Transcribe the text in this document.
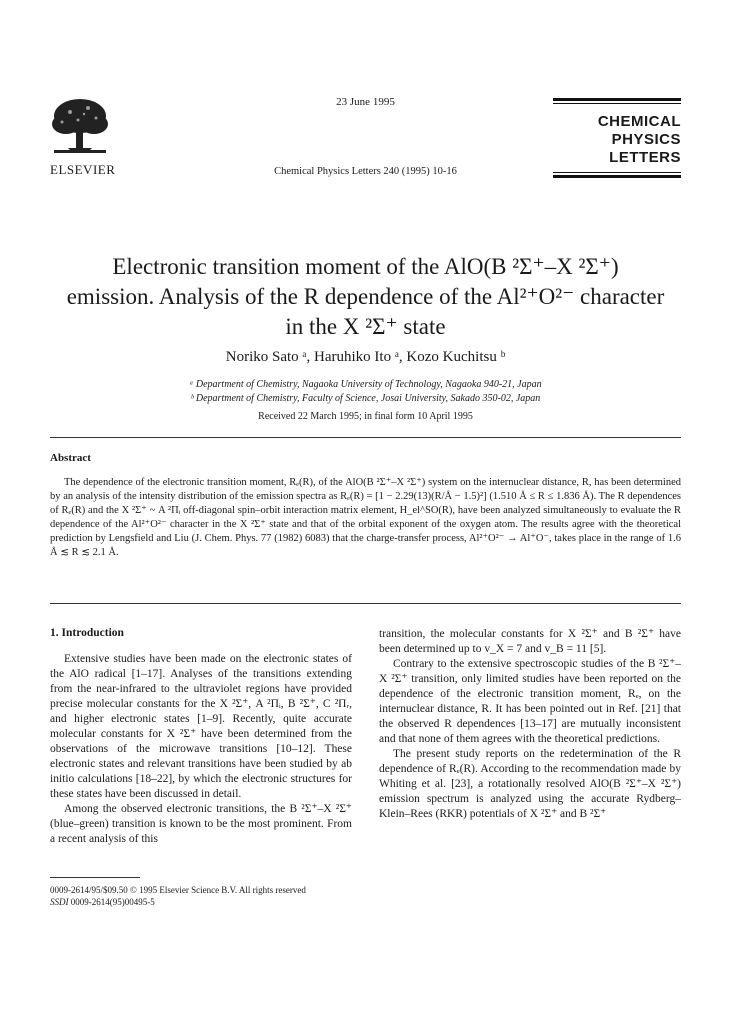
ELSEVIER
23 June 1995
Chemical Physics Letters 240 (1995) 10-16
CHEMICAL
PHYSICS
LETTERS
Electronic transition moment of the AlO(B ²Σ⁺–X ²Σ⁺)
emission. Analysis of the R dependence of the Al²⁺O²⁻ character
in the X ²Σ⁺ state
Noriko Sato ᵃ, Haruhiko Ito ᵃ, Kozo Kuchitsu ᵇ
ᵃ Department of Chemistry, Nagaoka University of Technology, Nagaoka 940-21, Japan
ᵇ Department of Chemistry, Faculty of Science, Josai University, Sakado 350-02, Japan
Received 22 March 1995; in final form 10 April 1995
Abstract
The dependence of the electronic transition moment, Rₑ(R), of the AlO(B ²Σ⁺–X ²Σ⁺) system on the internuclear distance, R, has been determined by an analysis of the intensity distribution of the emission spectra as Rₑ(R) = [1 − 2.29(13)(R/Å − 1.5)²] (1.510 Å ≤ R ≤ 1.836 Å). The R dependences of Rₑ(R) and the X ²Σ⁺ ~ A ²Πᵢ off-diagonal spin–orbit interaction matrix element, H_el^SO(R), have been analyzed simultaneously to evaluate the R dependence of the Al²⁺O²⁻ character in the X ²Σ⁺ state and that of the orbital exponent of the oxygen atom. The results agree with the theoretical prediction by Lengsfield and Liu (J. Chem. Phys. 77 (1982) 6083) that the charge-transfer process, Al²⁺O²⁻ → Al⁺O⁻, takes place in the range of 1.6 Å ≲ R ≲ 2.1 Å.
1. Introduction

Extensive studies have been made on the electronic states of the AlO radical [1–17]. Analyses of the transitions extending from the near-infrared to the ultraviolet regions have provided precise molecular constants for the X ²Σ⁺, A ²Πᵢ, B ²Σ⁺, C ²Πᵣ, and higher electronic states [1–9]. Recently, quite accurate molecular constants for X ²Σ⁺ have been determined from the observations of the microwave transitions [10–12]. These electronic states and relevant transitions have been studied by ab initio calculations [18–22], by which the electronic structures for these states have been discussed in detail.

Among the observed electronic transitions, the B ²Σ⁺–X ²Σ⁺ (blue–green) transition is known to be the most prominent. From a recent analysis of this

transition, the molecular constants for X ²Σ⁺ and B ²Σ⁺ have been determined up to v_X = 7 and v_B = 11 [5].

Contrary to the extensive spectroscopic studies of the B ²Σ⁺–X ²Σ⁺ transition, only limited studies have been reported on the dependence of the electronic transition moment, Rₑ, on the internuclear distance, R. It has been pointed out in Ref. [21] that the observed R dependences [13–17] are mutually inconsistent and that none of them agrees with the theoretical predictions.

The present study reports on the redetermination of the R dependence of Rₑ(R). According to the recommendation made by Whiting et al. [23], a rotationally resolved AlO(B ²Σ⁺–X ²Σ⁺) emission spectrum is analyzed using the accurate Rydberg–Klein–Rees (RKR) potentials of X ²Σ⁺ and B ²Σ⁺

0009-2614/95/$09.50 © 1995 Elsevier Science B.V. All rights reserved
SSDI 0009-2614(95)00495-5
